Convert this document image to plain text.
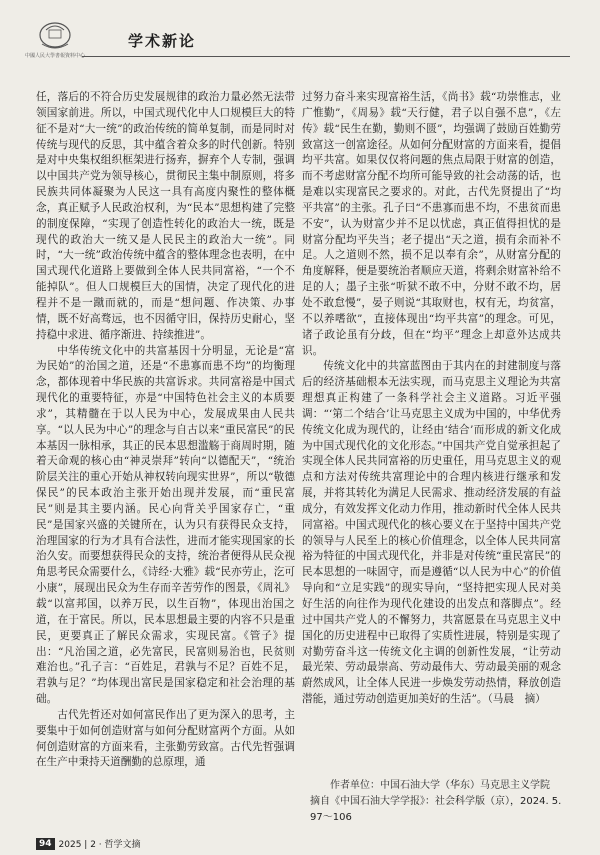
中國人民大學書報資料中心
学术新论

任，落后的不符合历史发展规律的政治力量必然无法带领国家前进。所以，中国式现代化中人口规模巨大的特征不是对“大一统”的政治传统的简单复制，而是同时对传统与现代的反思，其中蕴含着众多的时代创新。特别是对中央集权组织框架进行扬弃，摒弃个人专制，强调以中国共产党为领导核心，贯彻民主集中制原则，将多民族共同体凝聚为人民这一具有高度内聚性的整体概念，真正赋予人民政治权利，为“民本”思想构建了完整的制度保障，“实现了创造性转化的政治大一统，既是现代的政治大一统又是人民民主的政治大一统”。同时，“大一统”政治传统中蕴含的整体理念也表明，在中国式现代化道路上要做到全体人民共同富裕，“一个不能掉队”。但人口规模巨大的国情，决定了现代化的进程并不是一蹴而就的，而是“想问题、作决策、办事情，既不好高骛远，也不因循守旧，保持历史耐心，坚持稳中求进、循序渐进、持续推进”。

中华传统文化中的共富基因十分明显，无论是“富为民始”的治国之道，还是“不患寡而患不均”的均衡理念，都体现着中华民族的共富诉求。共同富裕是中国式现代化的重要特征，亦是“中国特色社会主义的本质要求”，其精髓在于以人民为中心，发展成果由人民共享。“以人民为中心”的理念与自古以来“重民富民”的民本基因一脉相承，其正的民本思想滥觞于商周时期，随着天命观的核心由“神灵崇拜”转向“以德配天”，“统治阶层关注的重心开始从神权转向现实世界”，所以“敬德保民”的民本政治主张开始出现并发展，而“重民富民”则是其主要内涵。民心向背关乎国家存亡，“重民”是国家兴盛的关键所在，认为只有获得民众支持，治理国家的行为才具有合法性，进而才能实现国家的长治久安。而要想获得民众的支持，统治者便得从民众视角思考民众需要什么，《诗经·大雅》载“民亦劳止，汔可小康”，展现出民众为生存而辛苦劳作的图景，《周礼》载“以富邦国，以养万民，以生百物”，体现出治国之道，在于富民。所以，民本思想最主要的内容不只是重民，更要真正了解民众需求，实现民富。《管子》提出：“凡治国之道，必先富民，民富则易治也，民贫则难治也。”孔子言：“百姓足，君孰与不足？百姓不足，君孰与足？”均体现出富民是国家稳定和社会治理的基础。

古代先哲还对如何富民作出了更为深入的思考，主要集中于如何创造财富与如何分配财富两个方面。从如何创造财富的方面来看，主张勤劳致富。古代先哲强调在生产中秉持天道酬勤的总原理，通

过努力奋斗来实现富裕生活，《尚书》载“功崇惟志，业广惟勤”，《周易》载“天行健，君子以自强不息”，《左传》载“民生在勤，勤则不匮”，均强调了鼓励百姓勤劳致富这一创富途径。从如何分配财富的方面来看，提倡均平共富。如果仅仅将问题的焦点局限于财富的创造，而不考虑财富分配不均所可能导致的社会动荡的话，也是难以实现富民之要求的。对此，古代先贤提出了“均平共富”的主张。孔子曰“不患寡而患不均，不患贫而患不安”，认为财富少并不足以忧虑，真正值得担忧的是财富分配均平失当；老子提出“天之道，损有余而补不足。人之道则不然，损不足以奉有余”，从财富分配的角度解释，便是要统治者顺应天道，将剩余财富补给不足的人；墨子主张“听狱不敢不中，分财不敢不均，居处不敢怠慢”，晏子则说“其取财也，权有无，均贫富，不以养嗜欲”，直接体现出“均平共富”的理念。可见，诸子政论虽有分歧，但在“均平”理念上却意外达成共识。

传统文化中的共富蓝图由于其内在的封建制度与落后的经济基础根本无法实现，而马克思主义理论为共富理想真正构建了一条科学社会主义道路。习近平强调：“‘第二个结合’让马克思主义成为中国的，中华优秀传统文化成为现代的，让经由‘结合’而形成的新文化成为中国式现代化的文化形态。”中国共产党自觉承担起了实现全体人民共同富裕的历史重任，用马克思主义的观点和方法对传统共富理论中的合理内核进行继承和发展，并将其转化为满足人民需求、推动经济发展的有益成分，有效发挥文化动力作用，推动新时代全体人民共同富裕。中国式现代化的核心要义在于坚持中国共产党的领导与人民至上的核心价值理念，以全体人民共同富裕为特征的中国式现代化，并非是对传统“重民富民”的民本思想的一味固守，而是遵循“以人民为中心”的价值导向和“立足实践”的现实导向，“坚持把实现人民对美好生活的向往作为现代化建设的出发点和落脚点”。经过中国共产党人的不懈努力，共富愿景在马克思主义中国化的历史进程中已取得了实质性进展，特别是实现了对勤劳奋斗这一传统文化主调的创新性发展，“让劳动最光荣、劳动最崇高、劳动最伟大、劳动最美丽的观念蔚然成风，让全体人民进一步焕发劳动热情，释放创造潜能，通过劳动创造更加美好的生活”。（马晨　摘）

作者单位：中国石油大学（华东）马克思主义学院
摘自《中国石油大学学报》：社会科学版（京），2024. 5. 97～106
94 2025 | 2 · 哲学文摘
